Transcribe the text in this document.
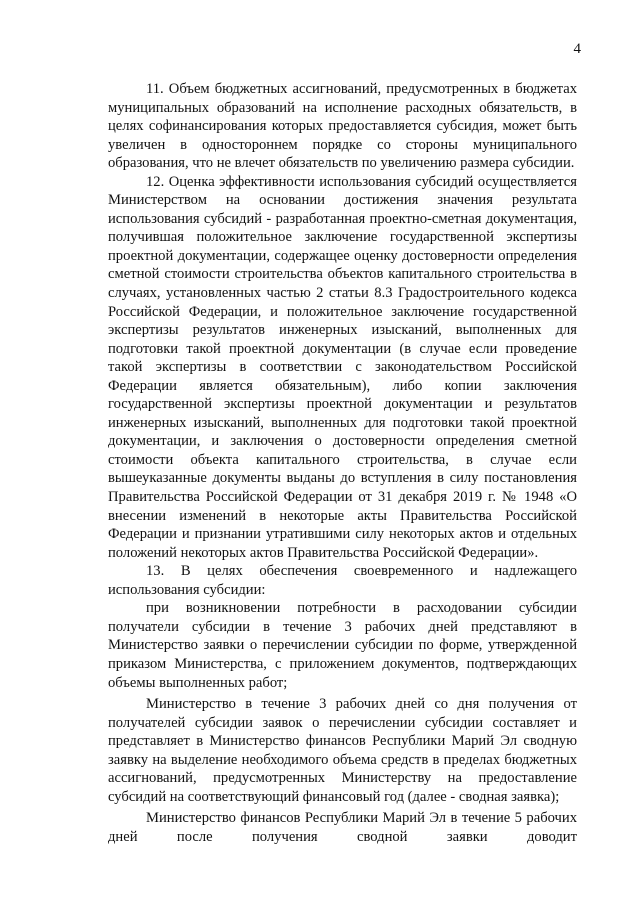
4

11. Объем бюджетных ассигнований, предусмотренных в бюджетах муниципальных образований на исполнение расходных обязательств, в целях софинансирования которых предоставляется субсидия, может быть увеличен в одностороннем порядке со стороны муниципального образования, что не влечет обязательств по увеличению размера субсидии.

12. Оценка эффективности использования субсидий осуществляется Министерством на основании достижения значения результата использования субсидий - разработанная проектно-сметная документация, получившая положительное заключение государственной экспертизы проектной документации, содержащее оценку достоверности определения сметной стоимости строительства объектов капитального строительства в случаях, установленных частью 2 статьи 8.3 Градостроительного кодекса Российской Федерации, и положительное заключение государственной экспертизы результатов инженерных изысканий, выполненных для подготовки такой проектной документации (в случае если проведение такой экспертизы в соответствии с законодательством Российской Федерации является обязательным), либо копии заключения государственной экспертизы проектной документации и результатов инженерных изысканий, выполненных для подготовки такой проектной документации, и заключения о достоверности определения сметной стоимости объекта капитального строительства, в случае если вышеуказанные документы выданы до вступления в силу постановления Правительства Российской Федерации от 31 декабря 2019 г. № 1948 «О внесении изменений в некоторые акты Правительства Российской Федерации и признании утратившими силу некоторых актов и отдельных положений некоторых актов Правительства Российской Федерации».

13. В целях обеспечения своевременного и надлежащего использования субсидии:

при возникновении потребности в расходовании субсидии получатели субсидии в течение 3 рабочих дней представляют в Министерство заявки о перечислении субсидии по форме, утвержденной приказом Министерства, с приложением документов, подтверждающих объемы выполненных работ;

Министерство в течение 3 рабочих дней со дня получения от получателей субсидии заявок о перечислении субсидии составляет и представляет в Министерство финансов Республики Марий Эл сводную заявку на выделение необходимого объема средств в пределах бюджетных ассигнований, предусмотренных Министерству на предоставление субсидий на соответствующий финансовый год (далее - сводная заявка);

Министерство финансов Республики Марий Эл в течение 5 рабочих дней после получения сводной заявки доводит
